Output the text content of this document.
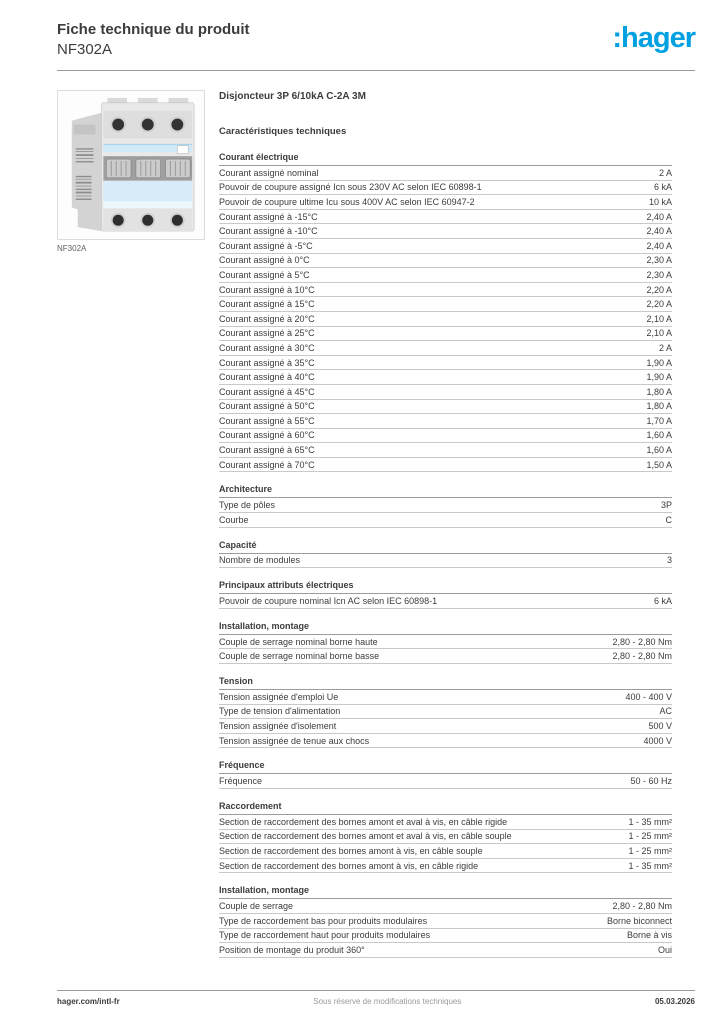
Fiche technique du produit
NF302A	:hager
NF302A
Disjoncteur 3P 6/10kA C-2A 3M
Caractéristiques techniques
Courant électrique
Courant assigné nominal	2 A
Pouvoir de coupure assigné Icn sous 230V AC selon IEC 60898-1	6 kA
Pouvoir de coupure ultime Icu sous 400V AC selon IEC 60947-2	10 kA
Courant assigné à -15°C	2,40 A
Courant assigné à -10°C	2,40 A
Courant assigné à -5°C	2,40 A
Courant assigné à 0°C	2,30 A
Courant assigné à 5°C	2,30 A
Courant assigné à 10°C	2,20 A
Courant assigné à 15°C	2,20 A
Courant assigné à 20°C	2,10 A
Courant assigné à 25°C	2,10 A
Courant assigné à 30°C	2 A
Courant assigné à 35°C	1,90 A
Courant assigné à 40°C	1,90 A
Courant assigné à 45°C	1,80 A
Courant assigné à 50°C	1,80 A
Courant assigné à 55°C	1,70 A
Courant assigné à 60°C	1,60 A
Courant assigné à 65°C	1,60 A
Courant assigné à 70°C	1,50 A
Architecture
Type de pôles	3P
Courbe	C
Capacité
Nombre de modules	3
Principaux attributs électriques
Pouvoir de coupure nominal Icn AC selon IEC 60898-1	6 kA
Installation, montage
Couple de serrage nominal borne haute	2,80 - 2,80 Nm
Couple de serrage nominal borne basse	2,80 - 2,80 Nm
Tension
Tension assignée d'emploi Ue	400 - 400 V
Type de tension d'alimentation	AC
Tension assignée d'isolement	500 V
Tension assignée de tenue aux chocs	4000 V
Fréquence
Fréquence	50 - 60 Hz
Raccordement
Section de raccordement des bornes amont et aval à vis, en câble rigide	1 - 35 mm²
Section de raccordement des bornes amont et aval à vis, en câble souple	1 - 25 mm²
Section de raccordement des bornes amont à vis, en câble souple	1 - 25 mm²
Section de raccordement des bornes amont à vis, en câble rigide	1 - 35 mm²
Installation, montage
Couple de serrage	2,80 - 2,80 Nm
Type de raccordement bas pour produits modulaires	Borne biconnect
Type de raccordement haut pour produits modulaires	Borne à vis
Position de montage du produit 360°	Oui
hager.com/intl-fr	Sous réserve de modifications techniques	05.03.2026
